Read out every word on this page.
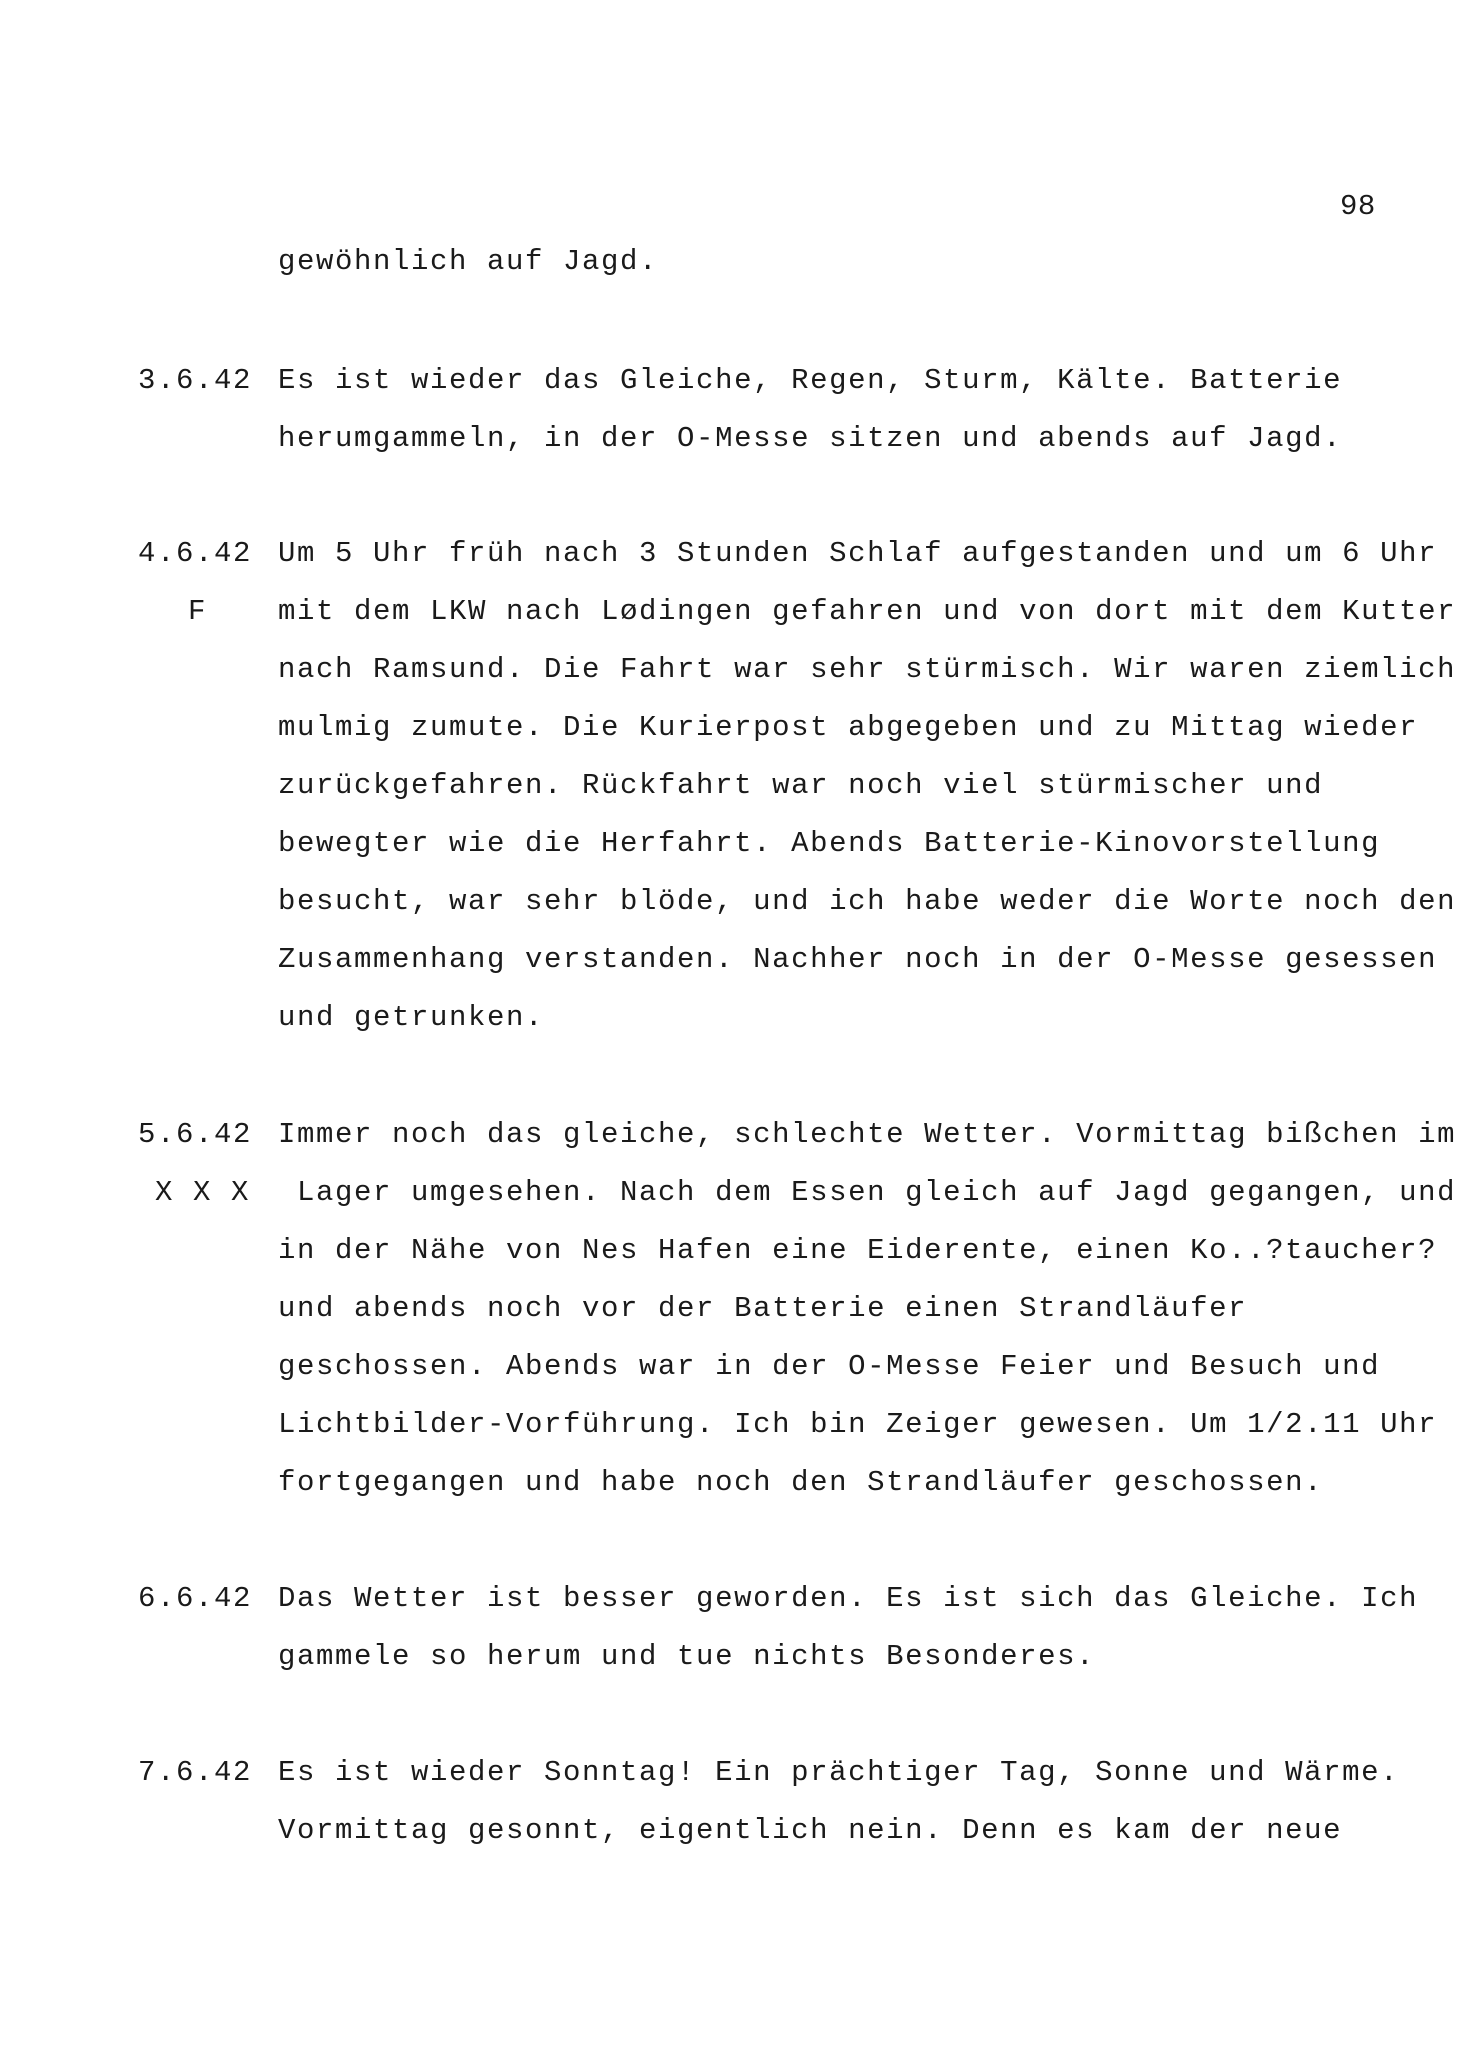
98
gewöhnlich auf Jagd.
3.6.42 Es ist wieder das Gleiche, Regen, Sturm, Kälte. Batterie
herumgammeln, in der O-Messe sitzen und abends auf Jagd.
4.6.42
F
Um 5 Uhr früh nach 3 Stunden Schlaf aufgestanden und um 6 Uhr
mit dem LKW nach Lødingen gefahren und von dort mit dem Kutter
nach Ramsund. Die Fahrt war sehr stürmisch. Wir waren ziemlich
mulmig zumute. Die Kurierpost abgegeben und zu Mittag wieder
zurückgefahren. Rückfahrt war noch viel stürmischer und
bewegter wie die Herfahrt. Abends Batterie-Kinovorstellung
besucht, war sehr blöde, und ich habe weder die Worte noch den
Zusammenhang verstanden. Nachher noch in der O-Messe gesessen
und getrunken.
5.6.42
X X X
Immer noch das gleiche, schlechte Wetter. Vormittag bißchen im
Lager umgesehen. Nach dem Essen gleich auf Jagd gegangen, und
in der Nähe von Nes Hafen eine Eiderente, einen Ko..?taucher?
und abends noch vor der Batterie einen Strandläufer
geschossen. Abends war in der O-Messe Feier und Besuch und
Lichtbilder-Vorführung. Ich bin Zeiger gewesen. Um 1/2.11 Uhr
fortgegangen und habe noch den Strandläufer geschossen.
6.6.42 Das Wetter ist besser geworden. Es ist sich das Gleiche. Ich
gammele so herum und tue nichts Besonderes.
7.6.42 Es ist wieder Sonntag! Ein prächtiger Tag, Sonne und Wärme.
Vormittag gesonnt, eigentlich nein. Denn es kam der neue
